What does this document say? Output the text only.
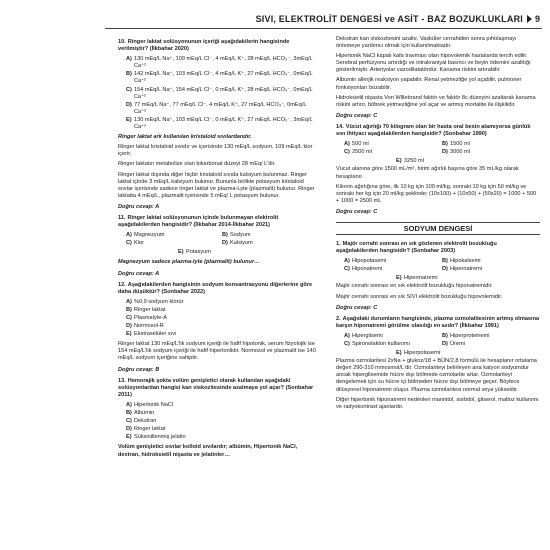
SIVI, ELEKTROLİT DENGESİ ve ASİT - BAZ BOZUKLUKLARI 9

10. Ringer laktat solüsyonunun içeriği aşağıdakilerin hangisinde verilmiştir? (İlkbahar 2020)

A) 130 mEq/L Na⁺, 109 mEq/L Cl⁻, 4 mEq/L K⁺, 28 mEq/L HCO₃⁻, 3mEq/L Ca⁺²
B) 142 mEq/L Na⁺, 103 mEq/L Cl⁻, 4 mEq/L K⁺, 27 mEq/L HCO₃⁻, 0mEq/L Ca⁺²
C) 154 mEq/L Na⁺, 154 mEq/L Cl⁻, 0 mEq/L K⁺, 28 mEq/L HCO₃⁻, 0mEq/L Ca⁺²
D) 77 mEq/L Na⁺, 77 mEq/L Cl⁻, 4 mEq/L K⁺, 27 mEq/L HCO₃⁻, 0mEq/L Ca⁺²
E) 130 mEq/L Na⁺, 103 mEq/L Cl⁻, 0 mEq/L K⁺, 27 mEq/L HCO₃⁻, 3mEq/L Ca⁺²

Ringer laktat ark kullanılan kristaloid sıvılardandır.

Ringer laktat kristaloid sıvıdır ve içerisinde 130 mEq/L sodyum, 109 mEq/L klor içerir.

Ringer laktatın metabolize olan bikarbonat düzeyi 28 mEq/ L'dir.

Ringer laktat dışında diğer hiçbir kristaloid sıvıda kalsiyum bulunmaz. Ringer laktat içinde 3 mEq/L kalsiyum bulunur. Bununla birlikte potasyum kristaloid sıvılar içerisinde sadece ringer laktat ve plazma-Lyte (plazmalit) bulunur. Ringer laktatta 4 mEq/L, plazmalit içerisinde 5 mEq/ L potasyum bulunur.

Doğru cevap: A

11. Ringer laktat solüsyonunun içinde bulunmayan elektrolit aşağıdakilerden hangisidir? (İlkbahar 2014-İlkbahar 2021)

A) Magnezyum	B) Sodyum
C) Klor	D) Kalsiyum
E) Potasyum

Magnezyum sadece plazma-lyte (plazmalit) bulunur…

Doğru cevap: A

12. Aşağıdakilerden hangisinin sodyum konsantrasyonu diğerlerine göre daha düşüktür? (Sonbahar 2022)

A) %0,9 sodyum klorür
B) Ringer laktat
C) Plasmalyte-A
D) Normosol-R
E) Ekstraselüler sıvı

Ringer laktat 130 mEq/L'lik sodyum içeriği ile hafif hipotonik, serum fizyolojik ise 154 mEq/L'lik sodyum içeriği ile hafif hipertoniktir. Normosol ve plazmalit ise 140 mEq/L sodyum içeriğine sahiptir.

Doğru cevap: B

13. Hemorajik şokta volüm genişletici olarak kullanılan aşağıdaki solüsyonlardan hangisi kan viskozitesinde azalmaya yol açar? (Sonbahar 2011)

A) Hipertonik NaCl
B) Albümin
C) Dekstran
D) Ringer laktat
E) Süksinillenmiş jelatin

Volüm genişletici sıvılar kolloid sıvılardır; albümin, Hipertonik NaCl, dextran, hidroksietil nişasta ve jelatinler…

Dekstran kan viskozitesini azaltır. Vasküler cerrahiden sonra pıhtılaşmayı önlemeye yardımcı olmak için kullanılmaktadır.

Hipertonik NaCl kapalı kafa travması olan hipovolemik hastalarda tercih edilir. Serebral perfüzyonu artırdığı ve intrakraniyal basıncı ve beyin ödemini azalttığı gösterilmiştir. Arteriyolar vazodilatatördür. Kanama riskini artırabilir.

Albumin allerjik reaksiyon yapabilir. Renal yetmezliğe yol açabilir, pulmoner fonksiyonları bozabilir.

Hidroksietil nişasta Von Willebrand faktör ve faktör 8c düzeyini azaltarak kanama riskini artırır, böbrek yetmezliğine yol açar ve artmış mortalite ile ilişkilidir.

Doğru cevap: C

14. Vücut ağırlığı 70 kilogram olan bir hasta oral besin alamıyorsa günlük sıvı ihtiyacı aşağıdakilerden hangisidir? (Sonbahar 1990)

A) 500 ml	B) 1500 ml
C) 2500 ml	D) 3000 ml
E) 3250 ml

Vücut alanına göre 1500 mL/m², birim ağırlık başına göre 35 mL/kg olarak hesaplanır.

Kilonin ağırlığına göre, ilk 10 kg için 100 ml/kg, sonraki 10 kg için 50 ml/kg ve sonraki her kg için 20 ml/kg şeklinde; (10x100) + (10x50) + (50x20) = 1000 + 500 + 1000 = 2500 mL

Doğru cevap: C

SODYUM DENGESİ

1. Majör cerrahi sonrası en sık gözlenen elektrolit bozukluğu aşağıdakilerden hangisidir? (Sonbahar 2003)

A) Hipopotasemi	B) Hipokalsemi
C) Hiponatremi	D) Hipernatremi
E) Hipermatremi

Majör cerrahi sonrası en sık elektrolit bozukluğu hiponatremidir.

Majör cerrahi sonrası en sık SIVI elektrolit bozukluğu hipovolemidir.

Doğru cevap: C

2. Aşağıdaki durumların hangisinde, plazma ozmolalitesinin artmış olmasına karşın hiponatremi görülme olasılığı en azdır? (İlkbahar 1991)

A) Hiperglisemi	B) Hiperproteinemi
C) Spironolakton kullanımı	D) Üremi
E) Hiperpotasemi

Plazma ozmolaritesi 2xNa + glukoz/18 + BÜN/2,8 formülü ile hesaplanır ortalama değeri 290-310 mmosmol/L'dir. Ozmolariteyi belirleyen ana katyon sodyumdur ancak hiperglisemide hücre dışı bölmede ozmolarite artar. Ozmolariteyi dengelemek için su hücre içi bölmeden hücre dışı bölmeye geçer. Böylece dilüsyonel hiponatremi oluşur. Plazma ozmolaritesi normal veya yüksektir.

Diğer hipertonik hiponatremi nedenleri mannitol, sorbitol, gliserol, maltoz kullanımı ve radyokontrast ajanlardır.
